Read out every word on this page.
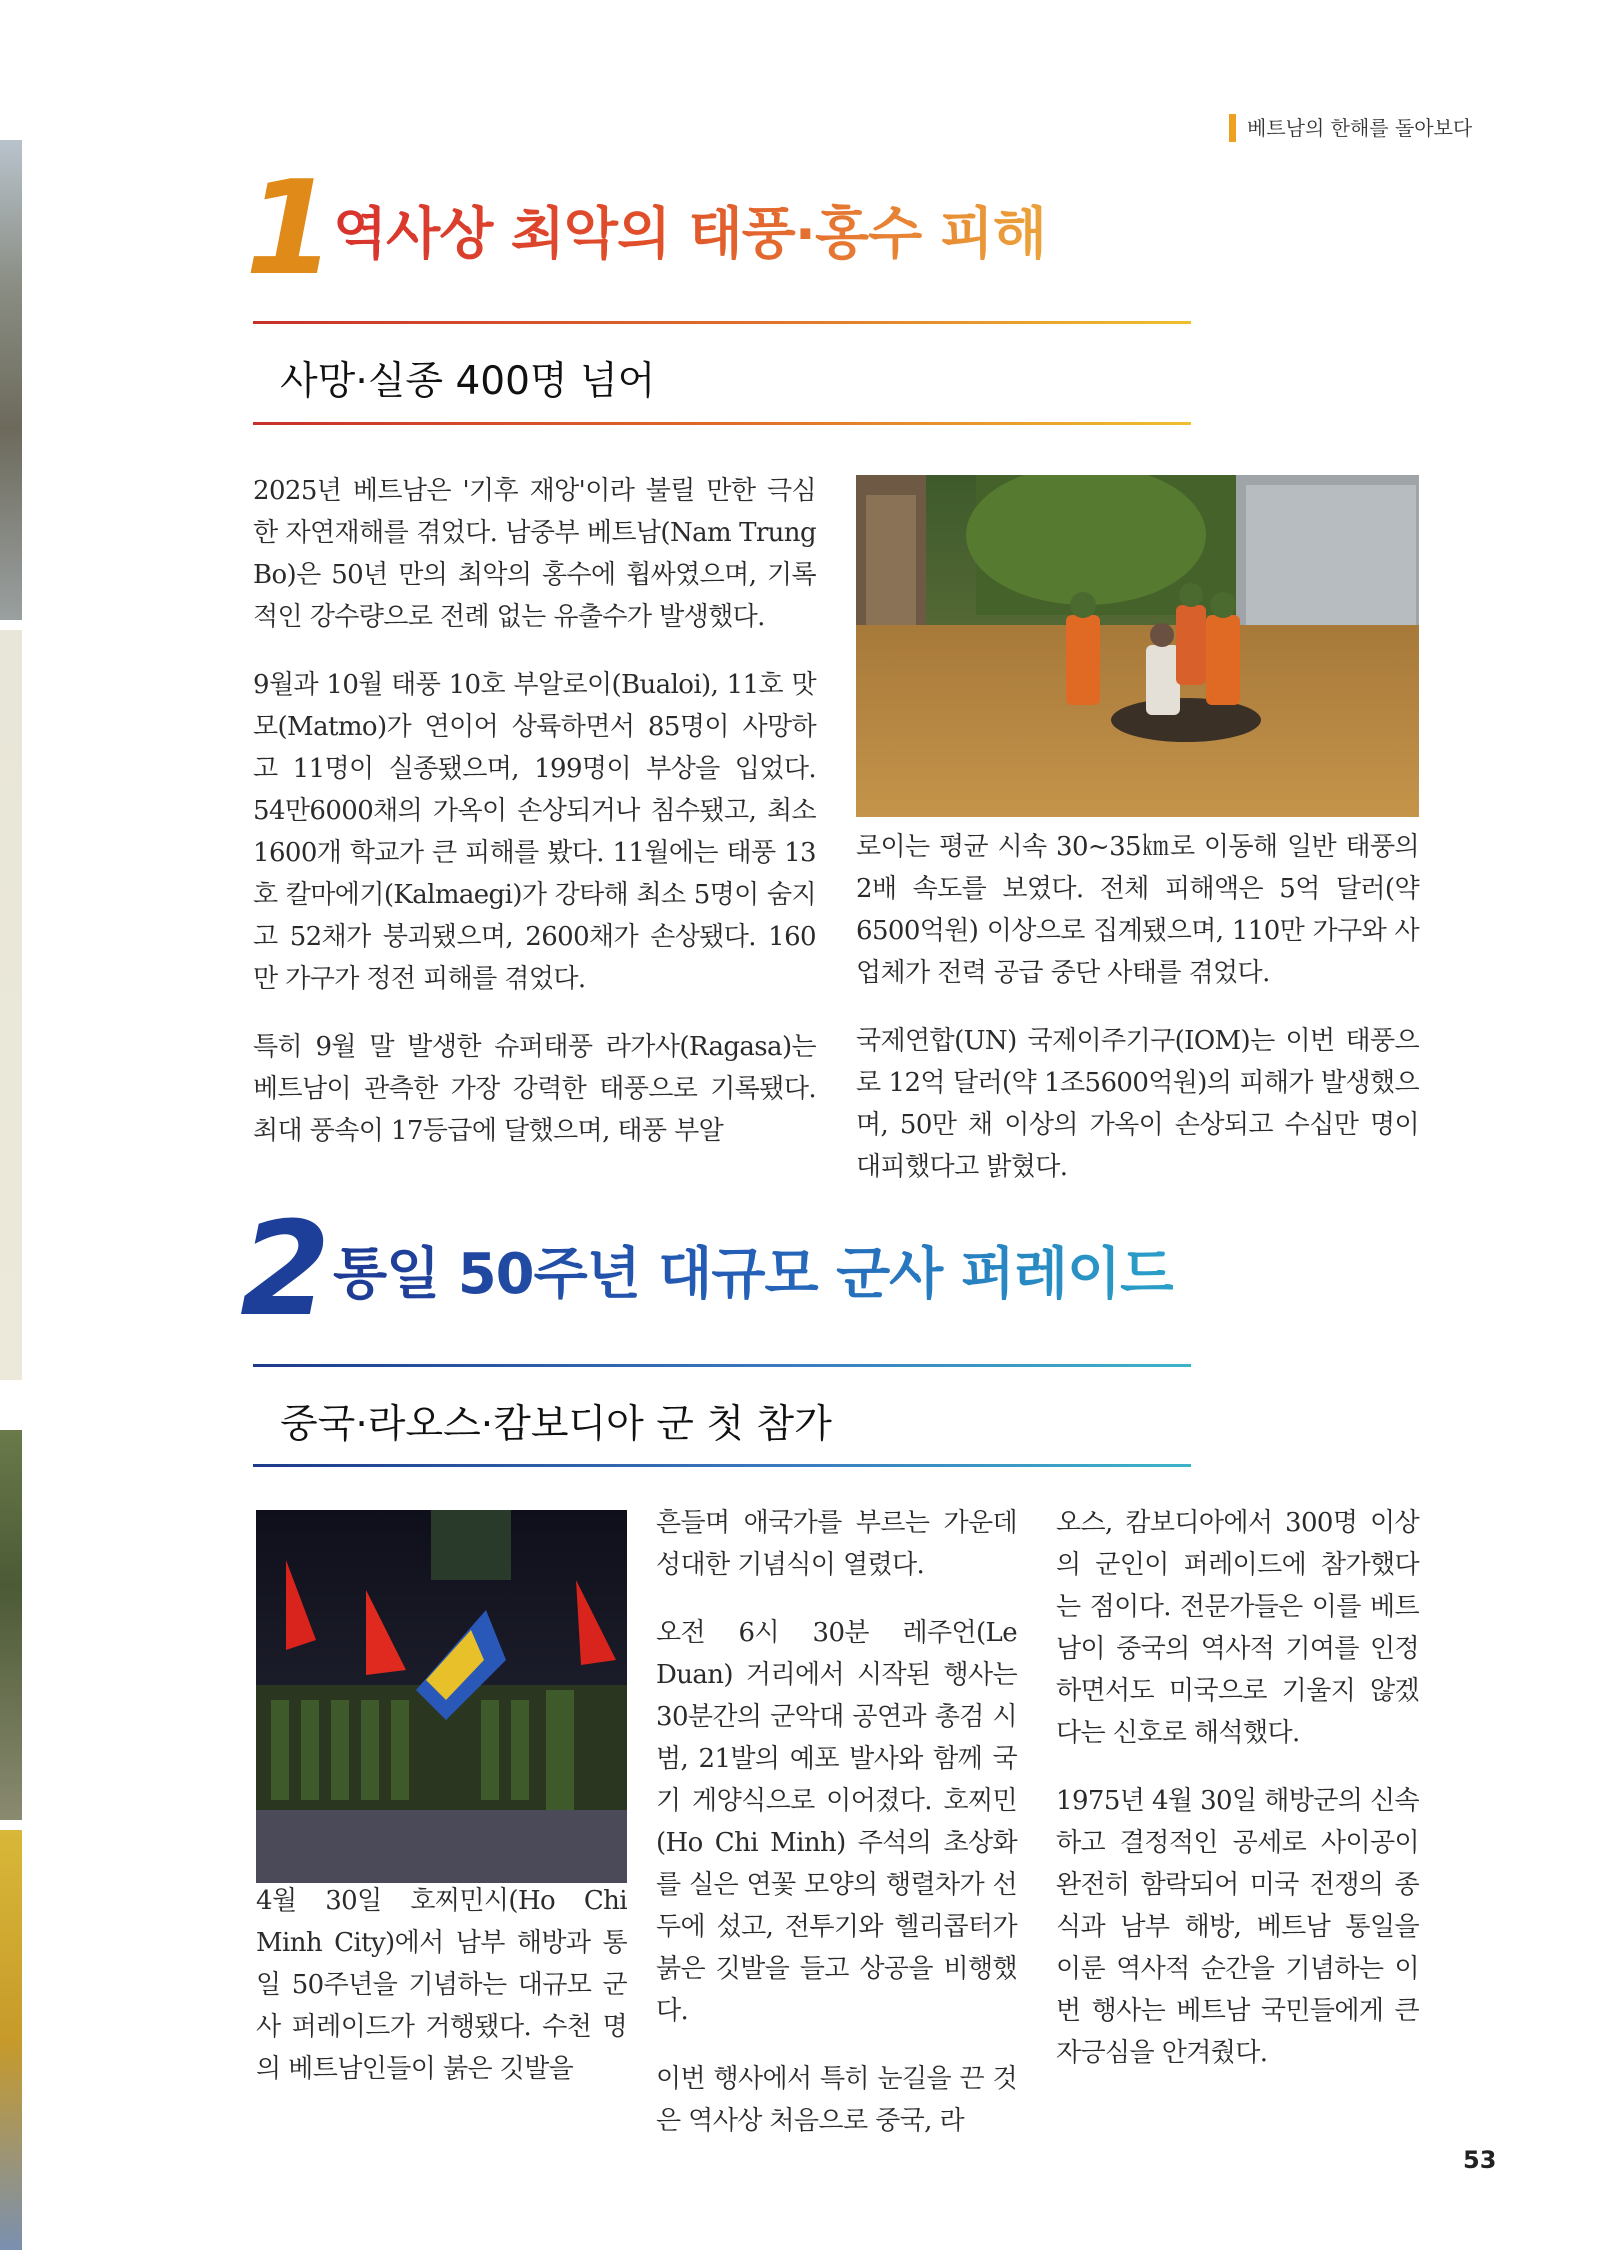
베트남의 한해를 돌아보다
1 역사상 최악의 태풍·홍수 피해
사망·실종 400명 넘어

2025년 베트남은 '기후 재앙'이라 불릴 만한 극심한 자연재해를 겪었다. 남중부 베트남(Nam Trung Bo)은 50년 만의 최악의 홍수에 휩싸였으며, 기록적인 강수량으로 전례 없는 유출수가 발생했다.

9월과 10월 태풍 10호 부알로이(Bualoi), 11호 맛모(Matmo)가 연이어 상륙하면서 85명이 사망하고 11명이 실종됐으며, 199명이 부상을 입었다. 54만6000채의 가옥이 손상되거나 침수됐고, 최소 1600개 학교가 큰 피해를 봤다. 11월에는 태풍 13호 칼마에기(Kalmaegi)가 강타해 최소 5명이 숨지고 52채가 붕괴됐으며, 2600채가 손상됐다. 160만 가구가 정전 피해를 겪었다.

특히 9월 말 발생한 슈퍼태풍 라가사(Ragasa)는 베트남이 관측한 가장 강력한 태풍으로 기록됐다. 최대 풍속이 17등급에 달했으며, 태풍 부알

로이는 평균 시속 30~35㎞로 이동해 일반 태풍의 2배 속도를 보였다. 전체 피해액은 5억 달러(약 6500억원) 이상으로 집계됐으며, 110만 가구와 사업체가 전력 공급 중단 사태를 겪었다.

국제연합(UN) 국제이주기구(IOM)는 이번 태풍으로 12억 달러(약 1조5600억원)의 피해가 발생했으며, 50만 채 이상의 가옥이 손상되고 수십만 명이 대피했다고 밝혔다.

2 통일 50주년 대규모 군사 퍼레이드
중국·라오스·캄보디아 군 첫 참가

4월 30일 호찌민시(Ho Chi Minh City)에서 남부 해방과 통일 50주년을 기념하는 대규모 군사 퍼레이드가 거행됐다. 수천 명의 베트남인들이 붉은 깃발을

흔들며 애국가를 부르는 가운데 성대한 기념식이 열렸다.

오전 6시 30분 레주언(Le Duan) 거리에서 시작된 행사는 30분간의 군악대 공연과 총검 시범, 21발의 예포 발사와 함께 국기 게양식으로 이어졌다. 호찌민(Ho Chi Minh) 주석의 초상화를 실은 연꽃 모양의 행렬차가 선두에 섰고, 전투기와 헬리콥터가 붉은 깃발을 들고 상공을 비행했다.

이번 행사에서 특히 눈길을 끈 것은 역사상 처음으로 중국, 라

오스, 캄보디아에서 300명 이상의 군인이 퍼레이드에 참가했다는 점이다. 전문가들은 이를 베트남이 중국의 역사적 기여를 인정하면서도 미국으로 기울지 않겠다는 신호로 해석했다.

1975년 4월 30일 해방군의 신속하고 결정적인 공세로 사이공이 완전히 함락되어 미국 전쟁의 종식과 남부 해방, 베트남 통일을 이룬 역사적 순간을 기념하는 이번 행사는 베트남 국민들에게 큰 자긍심을 안겨줬다.

53
